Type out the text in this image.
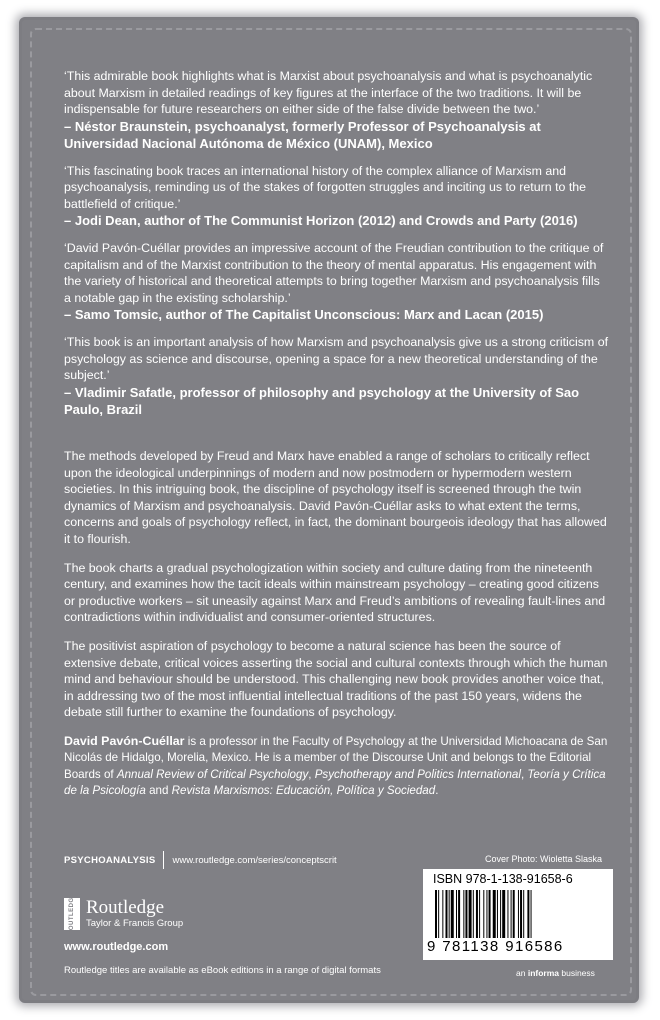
‘This admirable book highlights what is Marxist about psychoanalysis and what is psychoanalytic about Marxism in detailed readings of key figures at the interface of the two traditions. It will be indispensable for future researchers on either side of the false divide between the two.’

– Néstor Braunstein, psychoanalyst, formerly Professor of Psychoanalysis at Universidad Nacional Autónoma de México (UNAM), Mexico

‘This fascinating book traces an international history of the complex alliance of Marxism and psychoanalysis, reminding us of the stakes of forgotten struggles and inciting us to return to the battlefield of critique.’

– Jodi Dean, author of The Communist Horizon (2012) and Crowds and Party (2016)

‘David Pavón-Cuéllar provides an impressive account of the Freudian contribution to the critique of capitalism and of the Marxist contribution to the theory of mental apparatus. His engagement with the variety of historical and theoretical attempts to bring together Marxism and psychoanalysis fills a notable gap in the existing scholarship.’

– Samo Tomsic, author of The Capitalist Unconscious: Marx and Lacan (2015)

‘This book is an important analysis of how Marxism and psychoanalysis give us a strong criticism of psychology as science and discourse, opening a space for a new theoretical understanding of the subject.’

– Vladimir Safatle, professor of philosophy and psychology at the University of Sao Paulo, Brazil

The methods developed by Freud and Marx have enabled a range of scholars to critically reflect upon the ideological underpinnings of modern and now postmodern or hypermodern western societies. In this intriguing book, the discipline of psychology itself is screened through the twin dynamics of Marxism and psychoanalysis. David Pavón-Cuéllar asks to what extent the terms, concerns and goals of psychology reflect, in fact, the dominant bourgeois ideology that has allowed it to flourish.

The book charts a gradual psychologization within society and culture dating from the nineteenth century, and examines how the tacit ideals within mainstream psychology – creating good citizens or productive workers – sit uneasily against Marx and Freud’s ambitions of revealing fault-lines and contradictions within individualist and consumer-oriented structures.

The positivist aspiration of psychology to become a natural science has been the source of extensive debate, critical voices asserting the social and cultural contexts through which the human mind and behaviour should be understood. This challenging new book provides another voice that, in addressing two of the most influential intellectual traditions of the past 150 years, widens the debate still further to examine the foundations of psychology.

David Pavón-Cuéllar is a professor in the Faculty of Psychology at the Universidad Michoacana de San Nicolás de Hidalgo, Morelia, Mexico. He is a member of the Discourse Unit and belongs to the Editorial Boards of Annual Review of Critical Psychology, Psychotherapy and Politics International, Teoría y Crítica de la Psicología and Revista Marxismos: Educación, Política y Sociedad.

PSYCHOANALYSIS www.routledge.com/series/conceptscrit	Cover Photo: Wioletta Slaska
ROUTLEDGE Routledge
Taylor & Francis Group
www.routledge.com
Routledge titles are available as eBook editions in a range of digital formats
ISBN 978-1-138-91658-6
9 781138 916586
an informa business
